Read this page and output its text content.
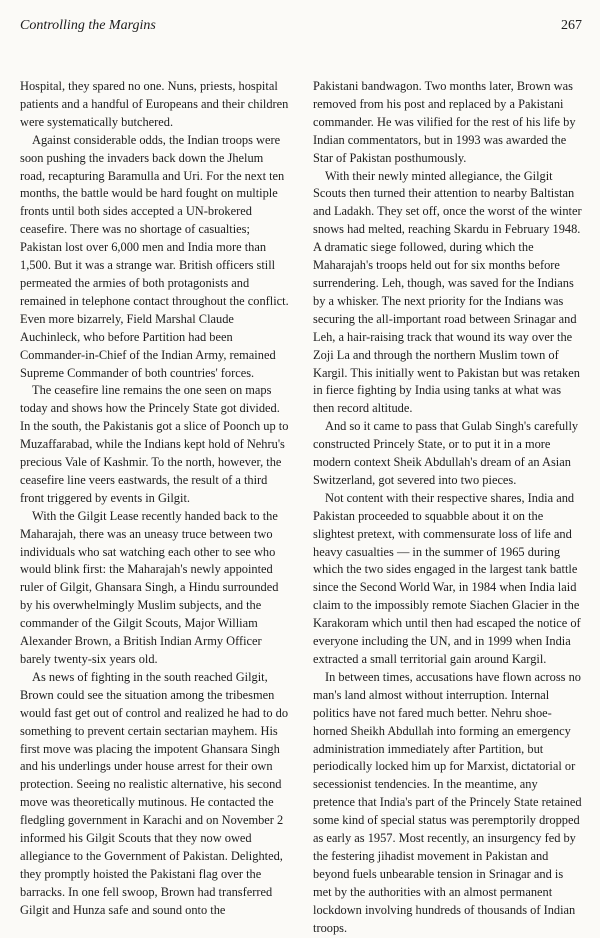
Controlling the Margins	267

Hospital, they spared no one. Nuns, priests, hospital patients and a handful of Europeans and their children were systematically butchered.

Against considerable odds, the Indian troops were soon pushing the invaders back down the Jhelum road, recapturing Baramulla and Uri. For the next ten months, the battle would be hard fought on multiple fronts until both sides accepted a UN-brokered ceasefire. There was no shortage of casualties; Pakistan lost over 6,000 men and India more than 1,500. But it was a strange war. British officers still permeated the armies of both protagonists and remained in telephone contact throughout the conflict. Even more bizarrely, Field Marshal Claude Auchinleck, who before Partition had been Commander-in-Chief of the Indian Army, remained Supreme Commander of both countries' forces.

The ceasefire line remains the one seen on maps today and shows how the Princely State got divided. In the south, the Pakistanis got a slice of Poonch up to Muzaffarabad, while the Indians kept hold of Nehru's precious Vale of Kashmir. To the north, however, the ceasefire line veers eastwards, the result of a third front triggered by events in Gilgit.

With the Gilgit Lease recently handed back to the Maharajah, there was an uneasy truce between two individuals who sat watching each other to see who would blink first: the Maharajah's newly appointed ruler of Gilgit, Ghansara Singh, a Hindu surrounded by his overwhelmingly Muslim subjects, and the commander of the Gilgit Scouts, Major William Alexander Brown, a British Indian Army Officer barely twenty-six years old.

As news of fighting in the south reached Gilgit, Brown could see the situation among the tribesmen would fast get out of control and realized he had to do something to prevent certain sectarian mayhem. His first move was placing the impotent Ghansara Singh and his underlings under house arrest for their own protection. Seeing no realistic alternative, his second move was theoretically mutinous. He contacted the fledgling government in Karachi and on November 2 informed his Gilgit Scouts that they now owed allegiance to the Government of Pakistan. Delighted, they promptly hoisted the Pakistani flag over the barracks. In one fell swoop, Brown had transferred Gilgit and Hunza safe and sound onto the

Pakistani bandwagon. Two months later, Brown was removed from his post and replaced by a Pakistani commander. He was vilified for the rest of his life by Indian commentators, but in 1993 was awarded the Star of Pakistan posthumously.

With their newly minted allegiance, the Gilgit Scouts then turned their attention to nearby Baltistan and Ladakh. They set off, once the worst of the winter snows had melted, reaching Skardu in February 1948. A dramatic siege followed, during which the Maharajah's troops held out for six months before surrendering. Leh, though, was saved for the Indians by a whisker. The next priority for the Indians was securing the all-important road between Srinagar and Leh, a hair-raising track that wound its way over the Zoji La and through the northern Muslim town of Kargil. This initially went to Pakistan but was retaken in fierce fighting by India using tanks at what was then record altitude.

And so it came to pass that Gulab Singh's carefully constructed Princely State, or to put it in a more modern context Sheik Abdullah's dream of an Asian Switzerland, got severed into two pieces.

Not content with their respective shares, India and Pakistan proceeded to squabble about it on the slightest pretext, with commensurate loss of life and heavy casualties — in the summer of 1965 during which the two sides engaged in the largest tank battle since the Second World War, in 1984 when India laid claim to the impossibly remote Siachen Glacier in the Karakoram which until then had escaped the notice of everyone including the UN, and in 1999 when India extracted a small territorial gain around Kargil.

In between times, accusations have flown across no man's land almost without interruption. Internal politics have not fared much better. Nehru shoe-horned Sheikh Abdullah into forming an emergency administration immediately after Partition, but periodically locked him up for Marxist, dictatorial or secessionist tendencies. In the meantime, any pretence that India's part of the Princely State retained some kind of special status was peremptorily dropped as early as 1957. Most recently, an insurgency fed by the festering jihadist movement in Pakistan and beyond fuels unbearable tension in Srinagar and is met by the authorities with an almost permanent lockdown involving hundreds of thousands of Indian troops.
